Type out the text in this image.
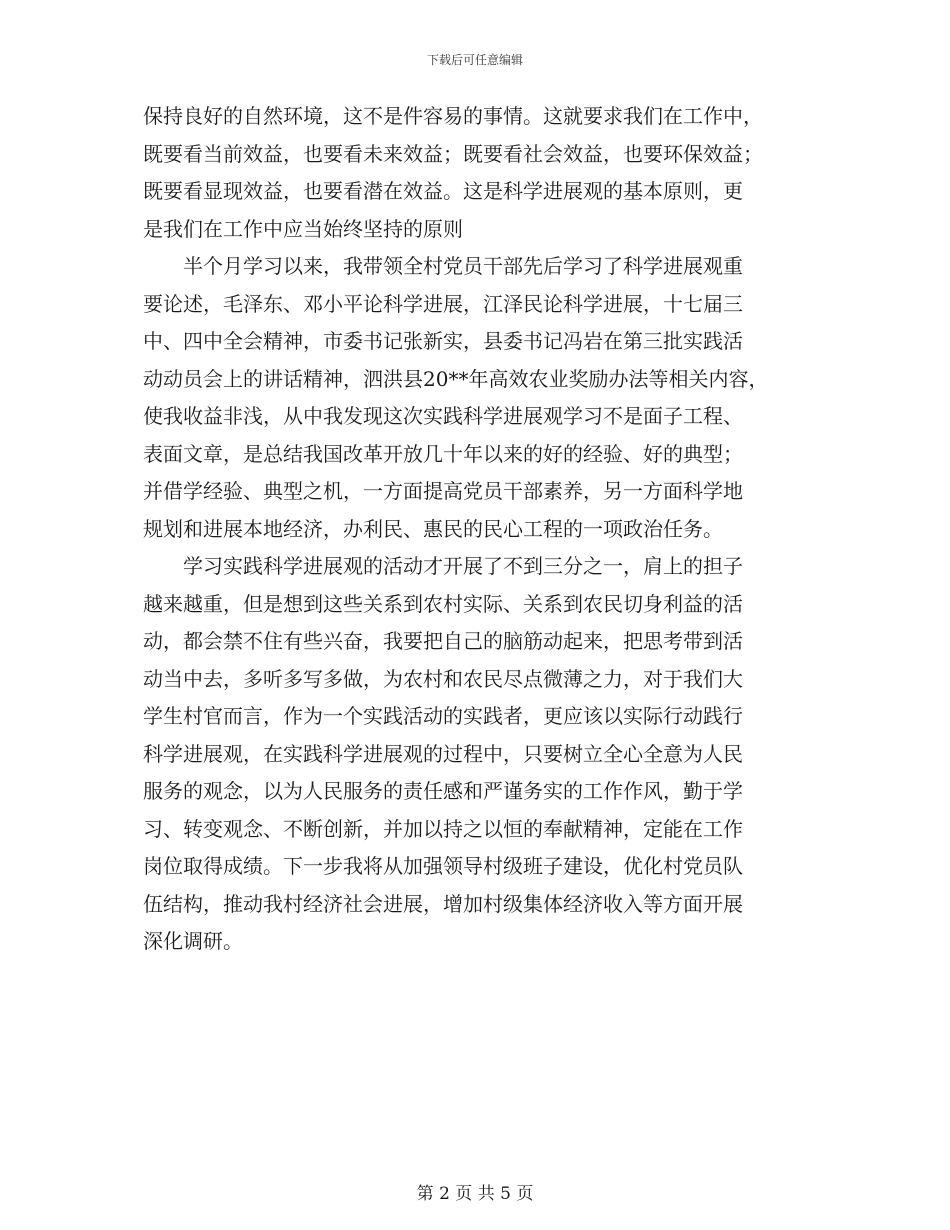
下载后可任意编辑
保持良好的自然环境，这不是件容易的事情。这就要求我们在工作中，
既要看当前效益，也要看未来效益；既要看社会效益，也要环保效益；
既要看显现效益，也要看潜在效益。这是科学进展观的基本原则，更
是我们在工作中应当始终坚持的原则
　　半个月学习以来，我带领全村党员干部先后学习了科学进展观重
要论述，毛泽东、邓小平论科学进展，江泽民论科学进展，十七届三
中、四中全会精神，市委书记张新实，县委书记冯岩在第三批实践活
动动员会上的讲话精神，泗洪县20**年高效农业奖励办法等相关内容，
使我收益非浅，从中我发现这次实践科学进展观学习不是面子工程、
表面文章，是总结我国改革开放几十年以来的好的经验、好的典型；
并借学经验、典型之机，一方面提高党员干部素养，另一方面科学地
规划和进展本地经济，办利民、惠民的民心工程的一项政治任务。
　　学习实践科学进展观的活动才开展了不到三分之一，肩上的担子
越来越重，但是想到这些关系到农村实际、关系到农民切身利益的活
动，都会禁不住有些兴奋，我要把自己的脑筋动起来，把思考带到活
动当中去，多听多写多做，为农村和农民尽点微薄之力，对于我们大
学生村官而言，作为一个实践活动的实践者，更应该以实际行动践行
科学进展观，在实践科学进展观的过程中，只要树立全心全意为人民
服务的观念，以为人民服务的责任感和严谨务实的工作作风，勤于学
习、转变观念、不断创新，并加以持之以恒的奉献精神，定能在工作
岗位取得成绩。下一步我将从加强领导村级班子建设，优化村党员队
伍结构，推动我村经济社会进展，增加村级集体经济收入等方面开展
深化调研。
第 2 页 共 5 页
